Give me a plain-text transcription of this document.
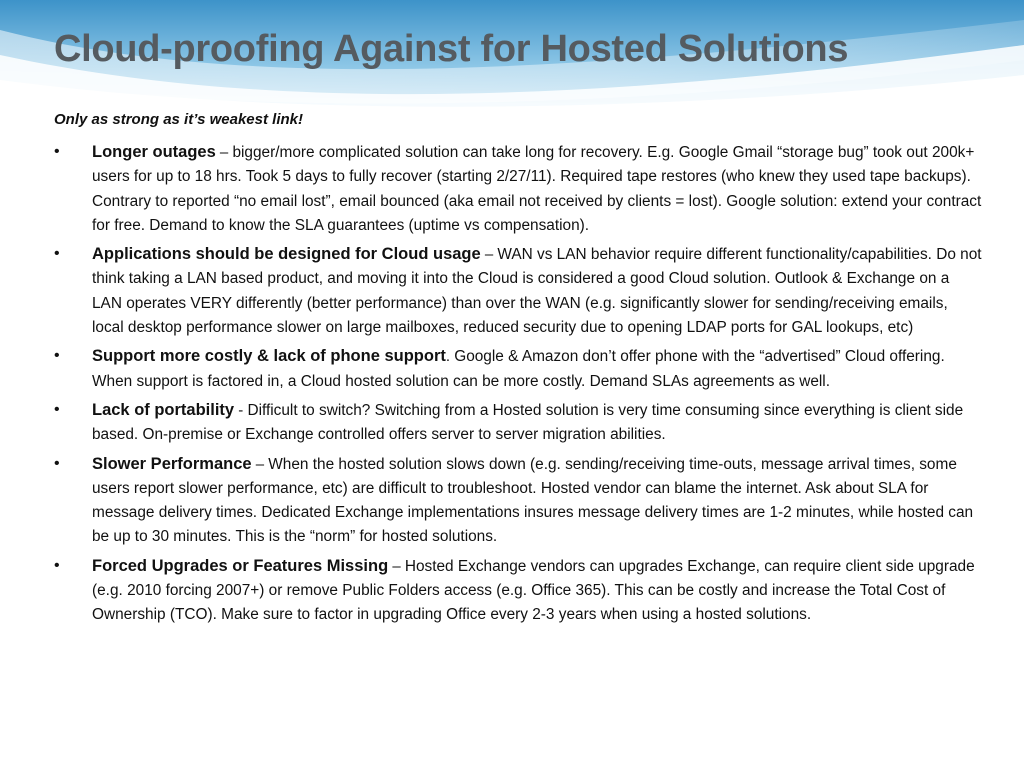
Cloud-proofing Against for Hosted Solutions

Only as strong as it’s weakest link!

• Longer outages – bigger/more complicated solution can take long for recovery. E.g. Google Gmail “storage bug” took out 200k+ users for up to 18 hrs. Took 5 days to fully recover (starting 2/27/11). Required tape restores (who knew they used tape backups). Contrary to reported “no email lost”, email bounced (aka email not received by clients = lost). Google solution: extend your contract for free. Demand to know the SLA guarantees (uptime vs compensation).
• Applications should be designed for Cloud usage – WAN vs LAN behavior require different functionality/capabilities. Do not think taking a LAN based product, and moving it into the Cloud is considered a good Cloud solution. Outlook & Exchange on a LAN operates VERY differently (better performance) than over the WAN (e.g. significantly slower for sending/receiving emails, local desktop performance slower on large mailboxes, reduced security due to opening LDAP ports for GAL lookups, etc)
• Support more costly & lack of phone support. Google & Amazon don’t offer phone with the “advertised” Cloud offering. When support is factored in, a Cloud hosted solution can be more costly. Demand SLAs agreements as well.
• Lack of portability - Difficult to switch? Switching from a Hosted solution is very time consuming since everything is client side based. On-premise or Exchange controlled offers server to server migration abilities.
• Slower Performance – When the hosted solution slows down (e.g. sending/receiving time-outs, message arrival times, some users report slower performance, etc) are difficult to troubleshoot. Hosted vendor can blame the internet. Ask about SLA for message delivery times. Dedicated Exchange implementations insures message delivery times are 1-2 minutes, while hosted can be up to 30 minutes. This is the “norm” for hosted solutions.
• Forced Upgrades or Features Missing – Hosted Exchange vendors can upgrades Exchange, can require client side upgrade (e.g. 2010 forcing 2007+) or remove Public Folders access (e.g. Office 365). This can be costly and increase the Total Cost of Ownership (TCO). Make sure to factor in upgrading Office every 2-3 years when using a hosted solutions.
